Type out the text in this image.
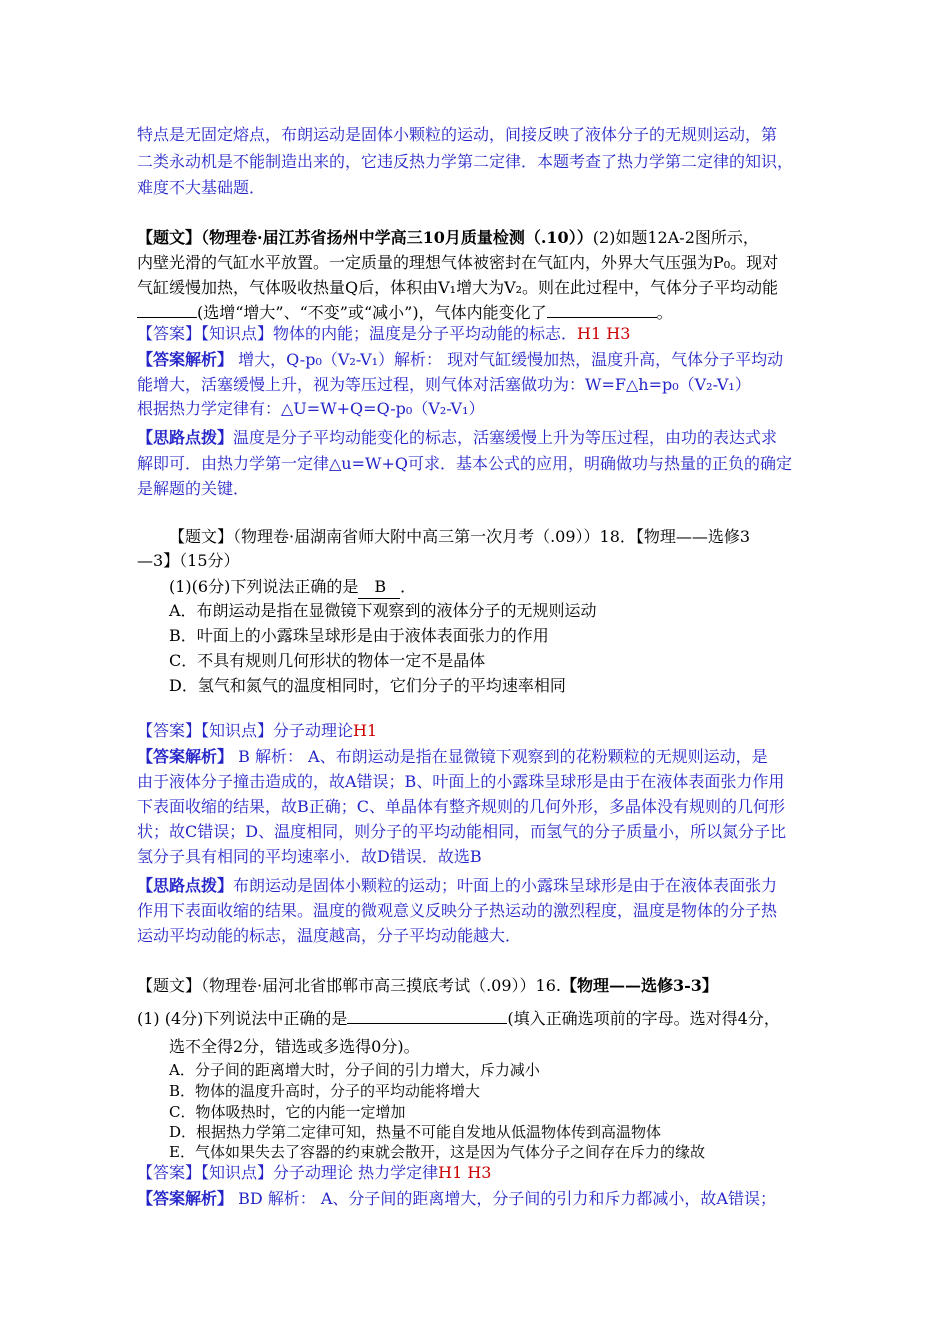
特点是无固定熔点，布朗运动是固体小颗粒的运动，间接反映了液体分子的无规则运动，第
二类永动机是不能制造出来的，它违反热力学第二定律．本题考查了热力学第二定律的知识，
难度不大基础题．
【题文】（物理卷·届江苏省扬州中学高三10月质量检测（.10））(2)如题12A-2图所示，
内壁光滑的气缸水平放置。一定质量的理想气体被密封在气缸内，外界大气压强为P₀。现对
气缸缓慢加热，气体吸收热量Q后，体积由V₁增大为V₂。则在此过程中，气体分子平均动能
(选增“增大”、“不变”或“减小”)，气体内能变化了	。
【答案】【知识点】物体的内能；温度是分子平均动能的标志．H1 H3
【答案解析】 增大，Q-p₀（V₂-V₁）解析： 现对气缸缓慢加热，温度升高，气体分子平均动
能增大，活塞缓慢上升，视为等压过程，则气体对活塞做功为：W=F△h=p₀（V₂-V₁）
根据热力学定律有：△U=W+Q=Q-p₀（V₂-V₁）
【思路点拨】温度是分子平均动能变化的标志，活塞缓慢上升为等压过程，由功的表达式求
解即可．由热力学第一定律△u=W+Q可求．基本公式的应用，明确做功与热量的正负的确定
是解题的关键．
【题文】（物理卷·届湖南省师大附中高三第一次月考（.09））18．【物理——选修3
—3】（15分）
(1)(6分)下列说法正确的是 B ．
A．布朗运动是指在显微镜下观察到的液体分子的无规则运动
B．叶面上的小露珠呈球形是由于液体表面张力的作用
C．不具有规则几何形状的物体一定不是晶体
D．氢气和氮气的温度相同时，它们分子的平均速率相同
【答案】【知识点】分子动理论H1
【答案解析】 B 解析： A、布朗运动是指在显微镜下观察到的花粉颗粒的无规则运动，是
由于液体分子撞击造成的，故A错误；B、叶面上的小露珠呈球形是由于在液体表面张力作用
下表面收缩的结果，故B正确；C、单晶体有整齐规则的几何外形，多晶体没有规则的几何形
状；故C错误；D、温度相同，则分子的平均动能相同，而氢气的分子质量小，所以氮分子比
氢分子具有相同的平均速率小．故D错误．故选B
【思路点拨】布朗运动是固体小颗粒的运动；叶面上的小露珠呈球形是由于在液体表面张力
作用下表面收缩的结果。温度的微观意义反映分子热运动的激烈程度，温度是物体的分子热
运动平均动能的标志，温度越高，分子平均动能越大．
【题文】（物理卷·届河北省邯郸市高三摸底考试（.09））16.【物理——选修3-3】
(1) (4分)下列说法中正确的是	(填入正确选项前的字母。选对得4分，
选不全得2分，错选或多选得0分)。
A．分子间的距离增大时，分子间的引力增大，斥力减小
B．物体的温度升高时，分子的平均动能将增大
C．物体吸热时，它的内能一定增加
D．根据热力学第二定律可知，热量不可能自发地从低温物体传到高温物体
E．气体如果失去了容器的约束就会散开，这是因为气体分子之间存在斥力的缘故
【答案】【知识点】分子动理论 热力学定律H1 H3
【答案解析】 BD 解析： A、分子间的距离增大，分子间的引力和斥力都减小，故A错误；
